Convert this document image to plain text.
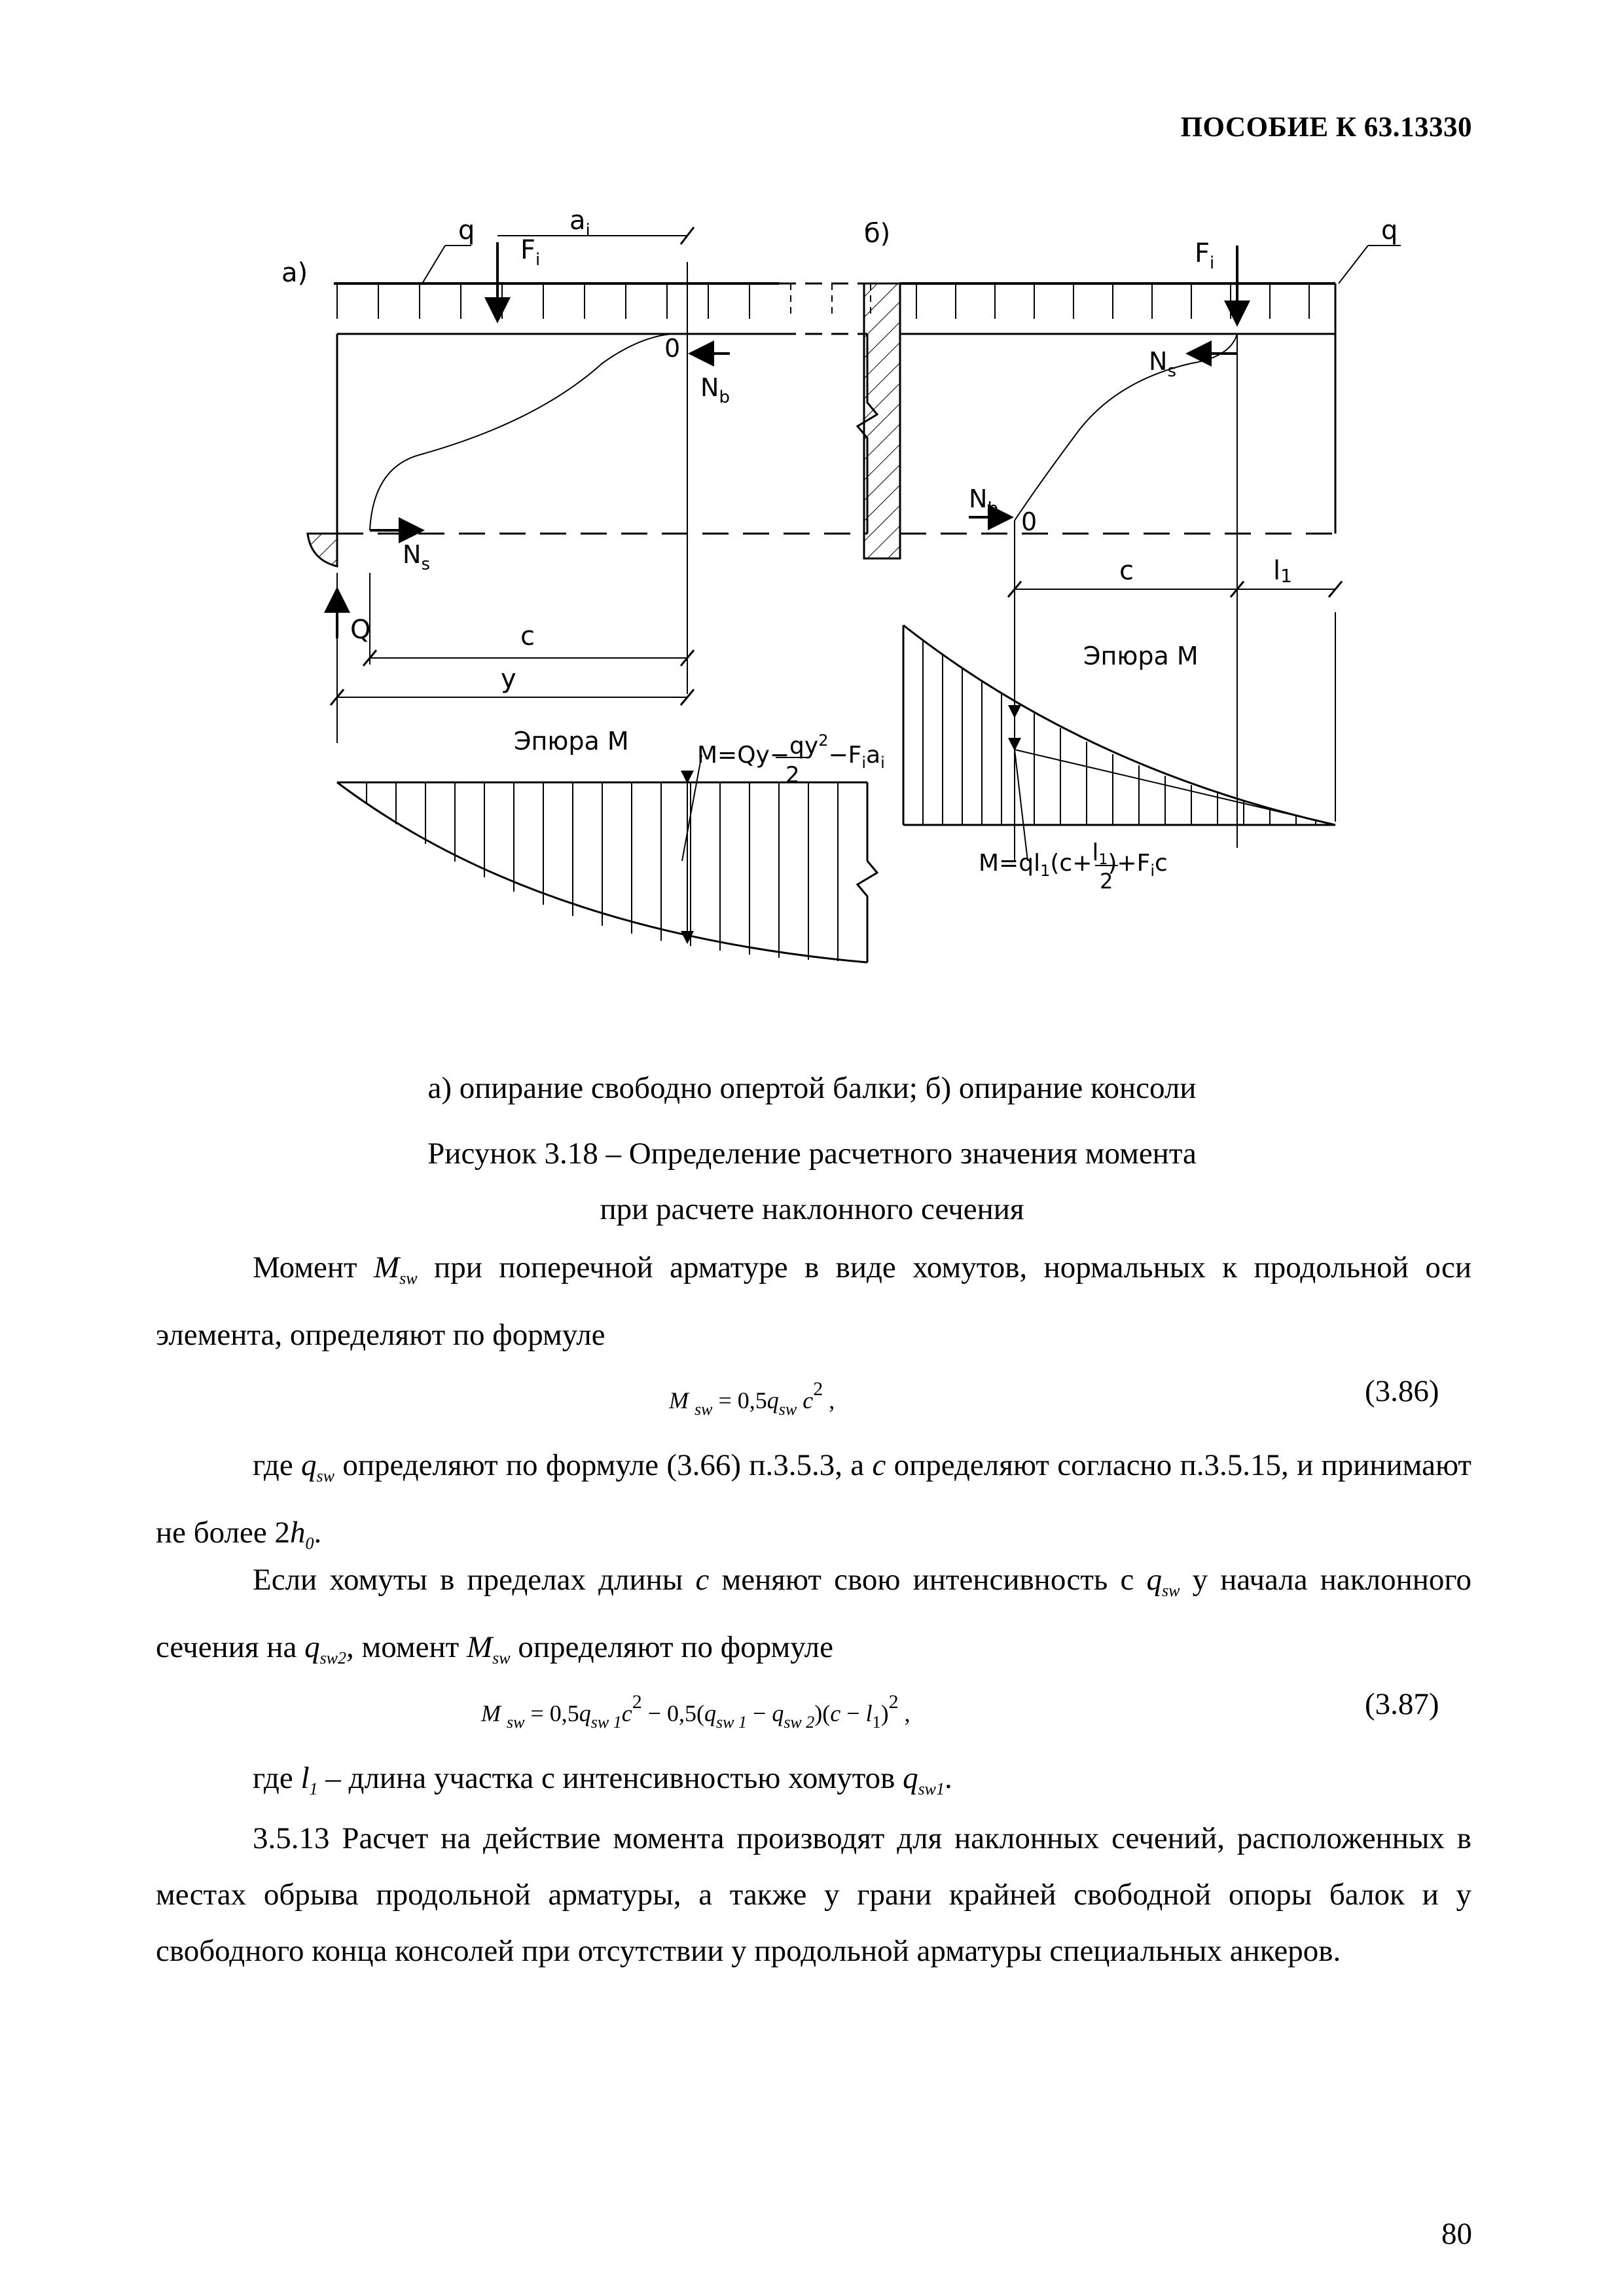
ПОСОБИЕ К 63.13330
а)
q
$F_i$
$a_i$
0
$N_b$
$N_s$
Q	c
y
Эпюра М	$M=Qy-qy^2-F_ia_i$
2
б)
$F_i$
q
$N_s$
$N_b$ 0
c	l1
Эпюра М
$M=ql_1(c+l1)+F_ic$
2
а) опирание свободно опертой балки; б) опирание консоли
Рисунок 3.18 – Определение расчетного значения момента
при расчете наклонного сечения
Момент $M_{sw}$ при поперечной арматуре в виде хомутов, нормальных к продольной оси элемента, определяют по формуле
M $_{sw} = 0,5q_{sw}$ $c^2$ ,	(3.86)
где $q_{sw}$ определяют по формуле (3.66) п.3.5.3, а c определяют согласно п.3.5.15, и принимают не более $2h_0$.
Если хомуты в пределах длины c меняют свою интенсивность с $q_{sw}$ у начала наклонного сечения на $q_{sw2}$, момент $M_{sw}$ определяют по формуле
M $_{sw} = 0,5q_{sw 1}c^2 - 0,5(q_{sw 1} - q_{sw 2})(c - l_1)^2$ ,	(3.87)
где $l_1$ – длина участка с интенсивностью хомутов $q_{sw1}$.
3.5.13 Расчет на действие момента производят для наклонных сечений, расположенных в местах обрыва продольной арматуры, а также у грани крайней свободной опоры балок и у свободного конца консолей при отсутствии у продольной арматуры специальных анкеров.
80
